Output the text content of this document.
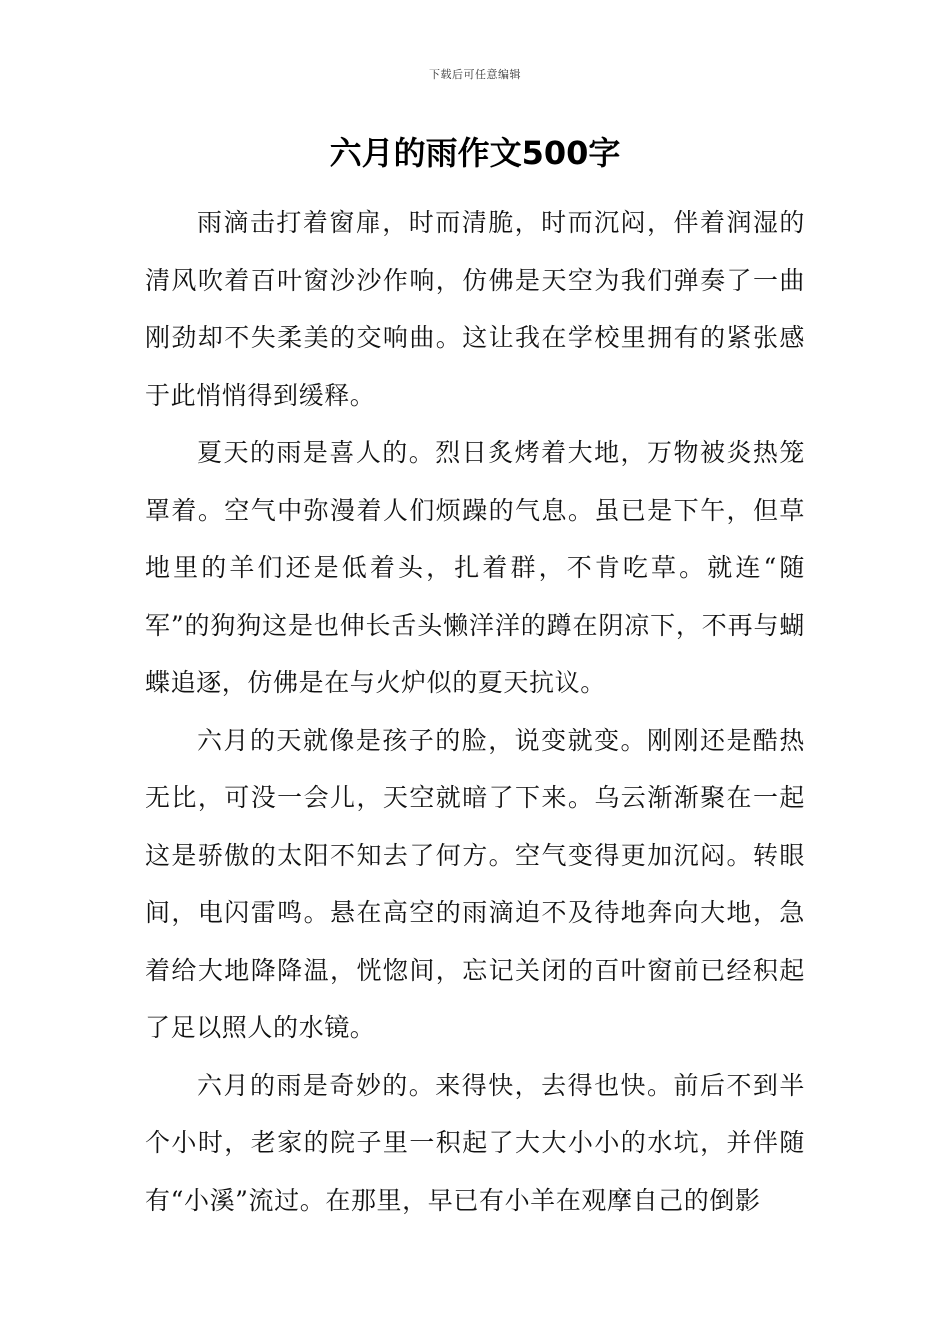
下载后可任意编辑
六月的雨作文500字

雨滴击打着窗扉，时而清脆，时而沉闷，伴着润湿的清风吹着百叶窗沙沙作响，仿佛是天空为我们弹奏了一曲刚劲却不失柔美的交响曲。这让我在学校里拥有的紧张感于此悄悄得到缓释。

夏天的雨是喜人的。烈日炙烤着大地，万物被炎热笼罩着。空气中弥漫着人们烦躁的气息。虽已是下午，但草地里的羊们还是低着头，扎着群，不肯吃草。就连“随军”的狗狗这是也伸长舌头懒洋洋的蹲在阴凉下，不再与蝴蝶追逐，仿佛是在与火炉似的夏天抗议。

六月的天就像是孩子的脸，说变就变。刚刚还是酷热无比，可没一会儿，天空就暗了下来。乌云渐渐聚在一起这是骄傲的太阳不知去了何方。空气变得更加沉闷。转眼间，电闪雷鸣。悬在高空的雨滴迫不及待地奔向大地，急着给大地降降温，恍惚间，忘记关闭的百叶窗前已经积起了足以照人的水镜。

六月的雨是奇妙的。来得快，去得也快。前后不到半个小时，老家的院子里一积起了大大小小的水坑，并伴随有“小溪”流过。在那里，早已有小羊在观摩自己的倒影
